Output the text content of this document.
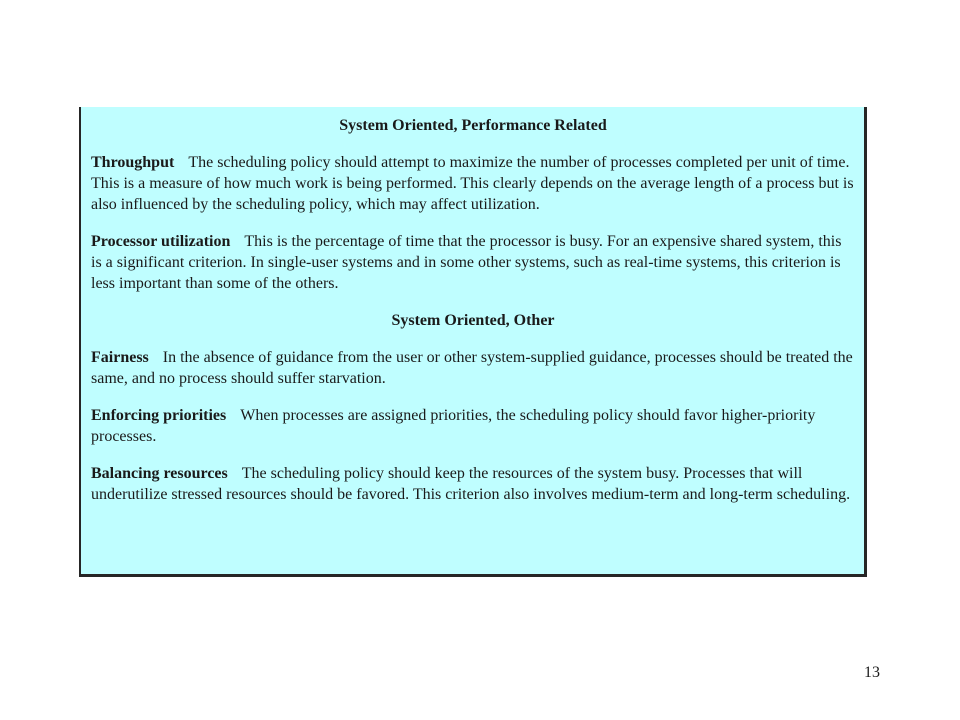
System Oriented, Performance Related

Throughput The scheduling policy should attempt to maximize the number of processes completed per unit of time. This is a measure of how much work is being performed. This clearly depends on the average length of a process but is also influenced by the scheduling policy, which may affect utilization.

Processor utilization This is the percentage of time that the processor is busy. For an expensive shared system, this is a significant criterion. In single-user systems and in some other systems, such as real-time systems, this criterion is less important than some of the others.

System Oriented, Other

Fairness In the absence of guidance from the user or other system-supplied guidance, processes should be treated the same, and no process should suffer starvation.

Enforcing priorities When processes are assigned priorities, the scheduling policy should favor higher-priority processes.

Balancing resources The scheduling policy should keep the resources of the system busy. Processes that will underutilize stressed resources should be favored. This criterion also involves medium-term and long-term scheduling.

13
